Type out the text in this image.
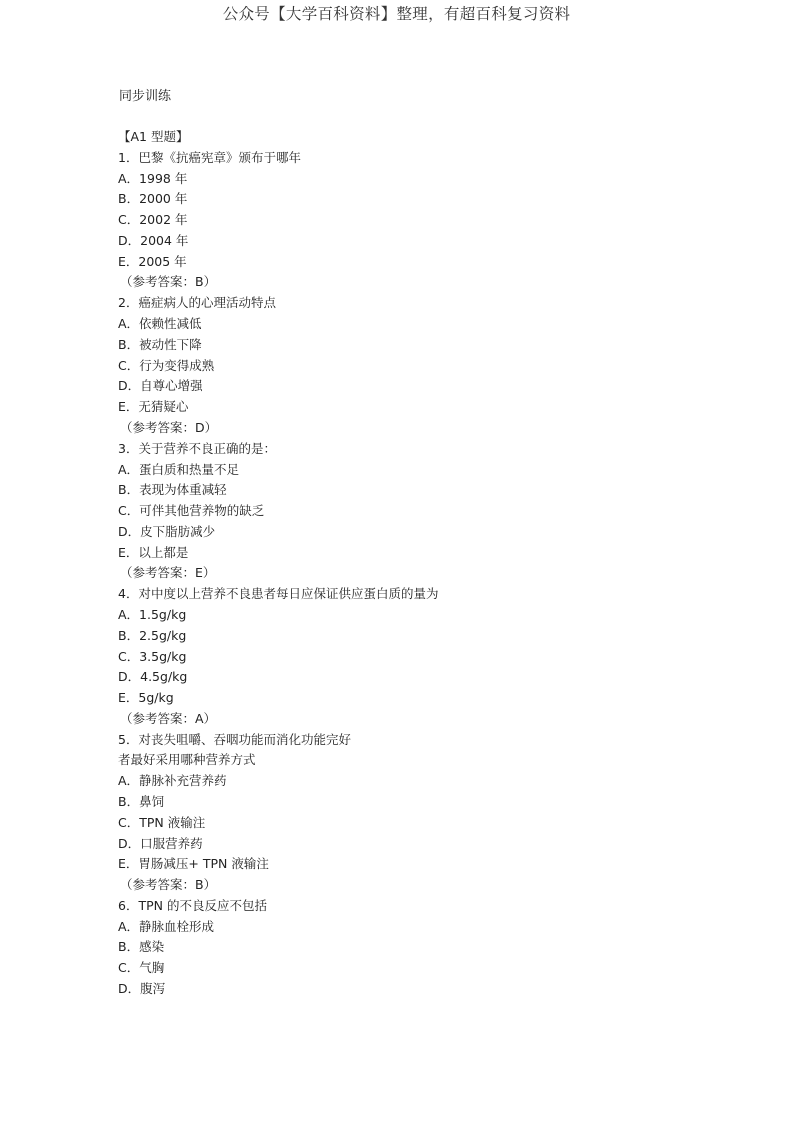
公众号【大学百科资料】整理，有超百科复习资料
同步训练
【A1 型题】
1．巴黎《抗癌宪章》颁布于哪年
A．1998 年
B．2000 年
C．2002 年
D．2004 年
E．2005 年
（参考答案：B）
2．癌症病人的心理活动特点
A．依赖性减低
B．被动性下降
C．行为变得成熟
D．自尊心增强
E．无猜疑心
（参考答案：D）
3．关于营养不良正确的是：
A．蛋白质和热量不足
B．表现为体重减轻
C．可伴其他营养物的缺乏
D．皮下脂肪减少
E．以上都是
（参考答案：E）
4．对中度以上营养不良患者每日应保证供应蛋白质的量为
A．1.5g/kg
B．2.5g/kg
C．3.5g/kg
D．4.5g/kg
E．5g/kg
（参考答案：A）
5．对丧失咀嚼、吞咽功能而消化功能完好
者最好采用哪种营养方式
A．静脉补充营养药
B．鼻饲
C．TPN 液输注
D．口服营养药
E．胃肠减压+ TPN 液输注
（参考答案：B）
6．TPN 的不良反应不包括
A．静脉血栓形成
B．感染
C．气胸
D．腹泻
